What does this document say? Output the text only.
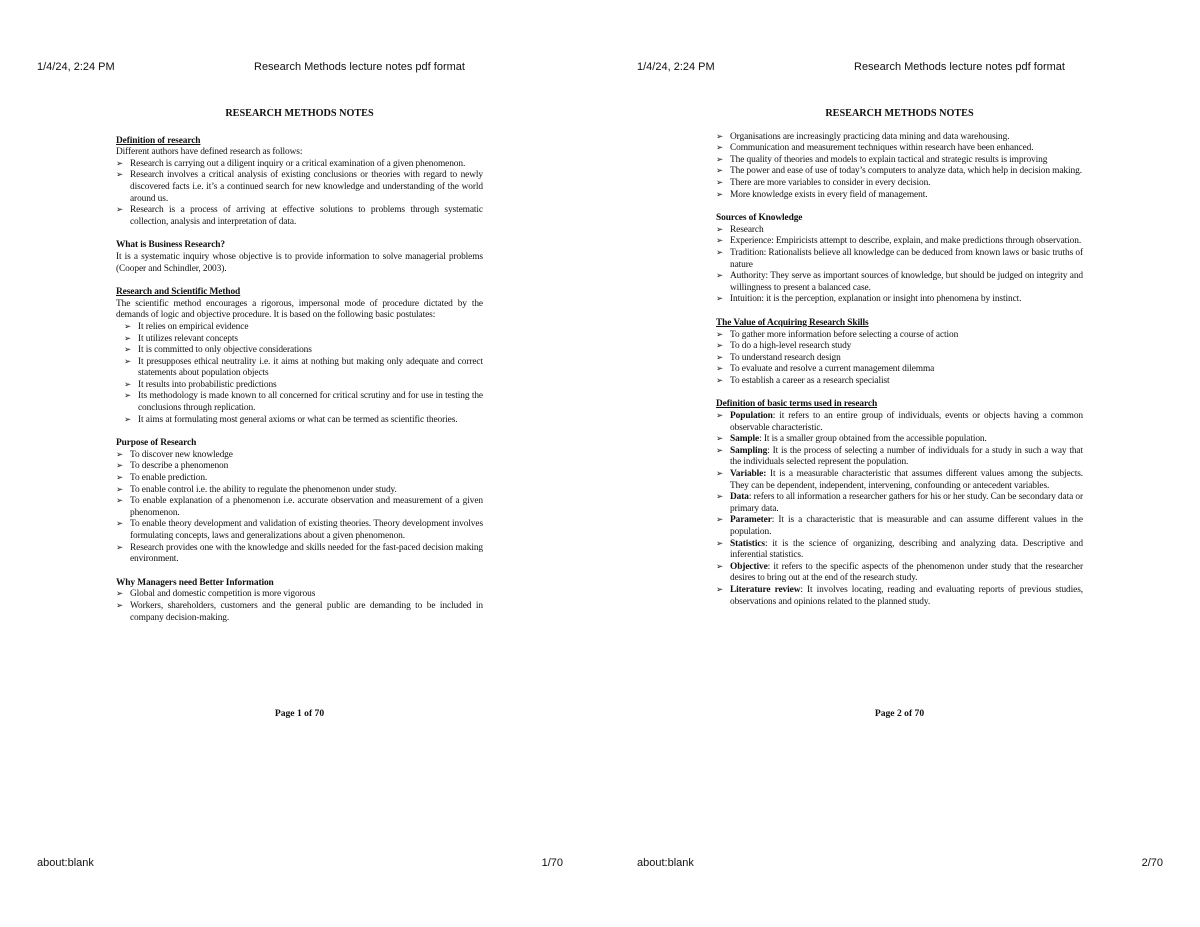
1/4/24, 2:24 PM	Research Methods lecture notes pdf format
RESEARCH METHODS NOTES
Definition of research

Different authors have defined research as follows:

➢ Research is carrying out a diligent inquiry or a critical examination of a given phenomenon.
➢ Research involves a critical analysis of existing conclusions or theories with regard to newly discovered facts i.e. it’s a continued search for new knowledge and understanding of the world around us.
➢ Research is a process of arriving at effective solutions to problems through systematic collection, analysis and interpretation of data.
What is Business Research?

It is a systematic inquiry whose objective is to provide information to solve managerial problems (Cooper and Schindler, 2003).

Research and Scientific Method

The scientific method encourages a rigorous, impersonal mode of procedure dictated by the demands of logic and objective procedure. It is based on the following basic postulates:

➢ It relies on empirical evidence
➢ It utilizes relevant concepts
➢ It is committed to only objective considerations
➢ It presupposes ethical neutrality i.e. it aims at nothing but making only adequate and correct statements about population objects
➢ It results into probabilistic predictions
➢ Its methodology is made known to all concerned for critical scrutiny and for use in testing the conclusions through replication.
➢ It aims at formulating most general axioms or what can be termed as scientific theories.
Purpose of Research
➢ To discover new knowledge
➢ To describe a phenomenon
➢ To enable prediction.
➢ To enable control i.e. the ability to regulate the phenomenon under study.
➢ To enable explanation of a phenomenon i.e. accurate observation and measurement of a given phenomenon.
➢ To enable theory development and validation of existing theories. Theory development involves formulating concepts, laws and generalizations about a given phenomenon.
➢ Research provides one with the knowledge and skills needed for the fast-paced decision making environment.
Why Managers need Better Information
➢ Global and domestic competition is more vigorous
➢ Workers, shareholders, customers and the general public are demanding to be included in company decision-making.
Page 1 of 70
about:blank	1/70
1/4/24, 2:24 PM	Research Methods lecture notes pdf format
RESEARCH METHODS NOTES
➢ Organisations are increasingly practicing data mining and data warehousing.
➢ Communication and measurement techniques within research have been enhanced.
➢ The quality of theories and models to explain tactical and strategic results is improving
➢ The power and ease of use of today’s computers to analyze data, which help in decision making.
➢ There are more variables to consider in every decision.
➢ More knowledge exists in every field of management.
Sources of Knowledge
➢ Research
➢ Experience: Empiricists attempt to describe, explain, and make predictions through observation.
➢ Tradition: Rationalists believe all knowledge can be deduced from known laws or basic truths of nature
➢ Authority: They serve as important sources of knowledge, but should be judged on integrity and willingness to present a balanced case.
➢ Intuition: it is the perception, explanation or insight into phenomena by instinct.
The Value of Acquiring Research Skills
➢ To gather more information before selecting a course of action
➢ To do a high-level research study
➢ To understand research design
➢ To evaluate and resolve a current management dilemma
➢ To establish a career as a research specialist
Definition of basic terms used in research
➢ Population: it refers to an entire group of individuals, events or objects having a common observable characteristic.
➢ Sample: It is a smaller group obtained from the accessible population.
➢ Sampling: It is the process of selecting a number of individuals for a study in such a way that the individuals selected represent the population.
➢ Variable: It is a measurable characteristic that assumes different values among the subjects. They can be dependent, independent, intervening, confounding or antecedent variables.
➢ Data: refers to all information a researcher gathers for his or her study. Can be secondary data or primary data.
➢ Parameter: It is a characteristic that is measurable and can assume different values in the population.
➢ Statistics: it is the science of organizing, describing and analyzing data. Descriptive and inferential statistics.
➢ Objective: it refers to the specific aspects of the phenomenon under study that the researcher desires to bring out at the end of the research study.
➢ Literature review: It involves locating, reading and evaluating reports of previous studies, observations and opinions related to the planned study.
Page 2 of 70
about:blank	2/70
